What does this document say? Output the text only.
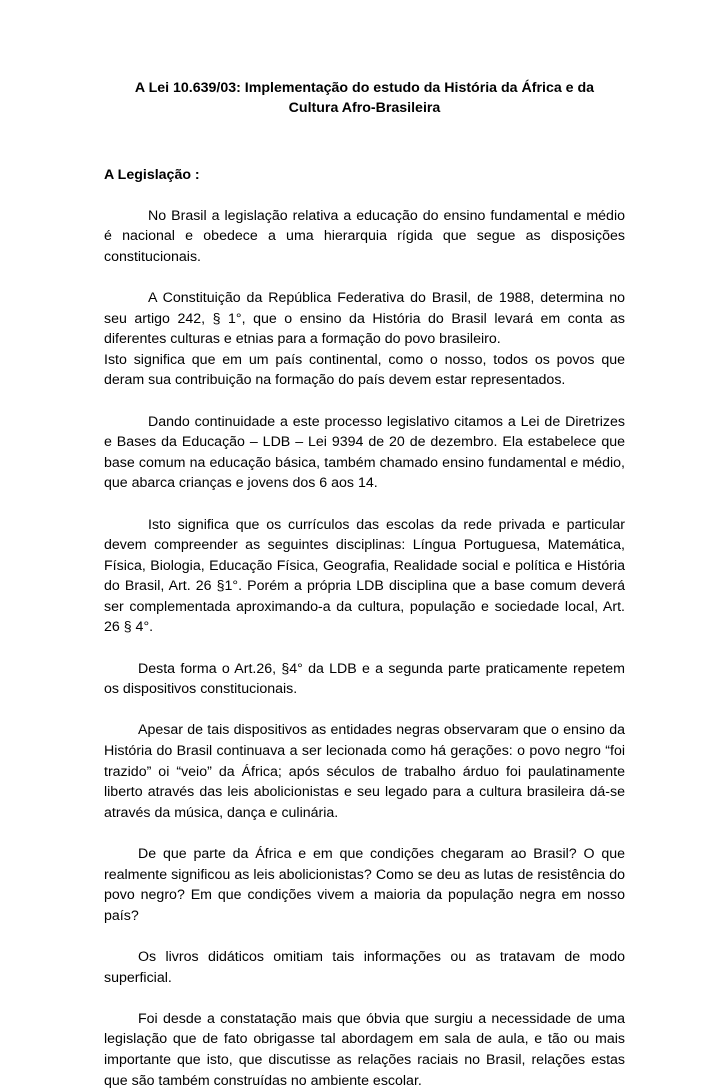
A Lei 10.639/03: Implementação do estudo da História da África e da
Cultura Afro-Brasileira
A Legislação :

No Brasil a legislação relativa a educação do ensino fundamental e médio é nacional e obedece a uma hierarquia rígida que segue as disposições constitucionais.

A Constituição da República Federativa do Brasil, de 1988, determina no seu artigo 242, § 1°, que o ensino da História do Brasil levará em conta as diferentes culturas e etnias para a formação do povo brasileiro.

Isto significa que em um país continental, como o nosso, todos os povos que deram sua contribuição na formação do país devem estar representados.

Dando continuidade a este processo legislativo citamos a Lei de Diretrizes e Bases da Educação – LDB – Lei 9394 de 20 de dezembro. Ela estabelece que base comum na educação básica, também chamado ensino fundamental e médio, que abarca crianças e jovens dos 6 aos 14.

Isto significa que os currículos das escolas da rede privada e particular devem compreender as seguintes disciplinas: Língua Portuguesa, Matemática, Física, Biologia, Educação Física, Geografia, Realidade social e política e História do Brasil, Art. 26 §1°. Porém a própria LDB disciplina que a base comum deverá ser complementada aproximando-a da cultura, população e sociedade local, Art. 26 § 4°.

Desta forma o Art.26, §4° da LDB e a segunda parte praticamente repetem os dispositivos constitucionais.

Apesar de tais dispositivos as entidades negras observaram que o ensino da História do Brasil continuava a ser lecionada como há gerações: o povo negro “foi trazido” oi “veio” da África; após séculos de trabalho árduo foi paulatinamente liberto através das leis abolicionistas e seu legado para a cultura brasileira dá-se através da música, dança e culinária.

De que parte da África e em que condições chegaram ao Brasil? O que realmente significou as leis abolicionistas? Como se deu as lutas de resistência do povo negro? Em que condições vivem a maioria da população negra em nosso país?

Os livros didáticos omitiam tais informações ou as tratavam de modo superficial.

Foi desde a constatação mais que óbvia que surgiu a necessidade de uma legislação que de fato obrigasse tal abordagem em sala de aula, e tão ou mais importante que isto, que discutisse as relações raciais no Brasil, relações estas que são também construídas no ambiente escolar.
